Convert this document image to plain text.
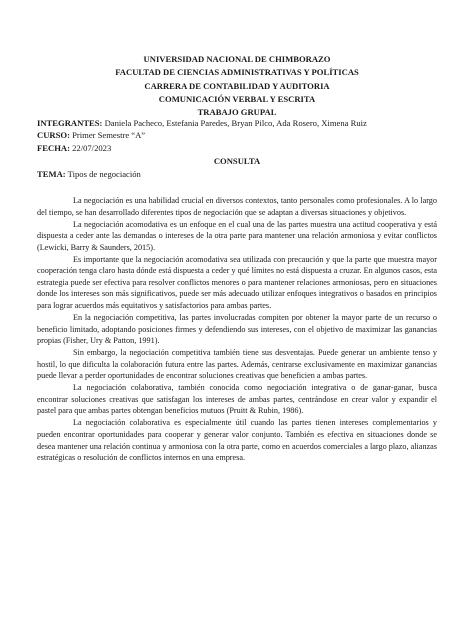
UNIVERSIDAD NACIONAL DE CHIMBORAZO
FACULTAD DE CIENCIAS ADMINISTRATIVAS Y POLÍTICAS
CARRERA DE CONTABILIDAD Y AUDITORIA
COMUNICACIÓN VERBAL Y ESCRITA
TRABAJO GRUPAL
INTEGRANTES: Daniela Pacheco, Estefania Paredes, Bryan Pilco, Ada Rosero, Ximena Ruiz
CURSO: Primer Semestre “A”
FECHA: 22/07/2023
CONSULTA
TEMA: Tipos de negociación

La negociación es una habilidad crucial en diversos contextos, tanto personales como profesionales. A lo largo del tiempo, se han desarrollado diferentes tipos de negociación que se adaptan a diversas situaciones y objetivos.

La negociación acomodativa es un enfoque en el cual una de las partes muestra una actitud cooperativa y está dispuesta a ceder ante las demandas o intereses de la otra parte para mantener una relación armoniosa y evitar conflictos (Lewicki, Barry & Saunders, 2015).

Es importante que la negociación acomodativa sea utilizada con precaución y que la parte que muestra mayor cooperación tenga claro hasta dónde está dispuesta a ceder y qué límites no está dispuesta a cruzar. En algunos casos, esta estrategia puede ser efectiva para resolver conflictos menores o para mantener relaciones armoniosas, pero en situaciones donde los intereses son más significativos, puede ser más adecuado utilizar enfoques integrativos o basados en principios para lograr acuerdos más equitativos y satisfactorios para ambas partes.

En la negociación competitiva, las partes involucradas compiten por obtener la mayor parte de un recurso o beneficio limitado, adoptando posiciones firmes y defendiendo sus intereses, con el objetivo de maximizar las ganancias propias (Fisher, Ury & Patton, 1991).

Sin embargo, la negociación competitiva también tiene sus desventajas. Puede generar un ambiente tenso y hostil, lo que dificulta la colaboración futura entre las partes. Además, centrarse exclusivamente en maximizar ganancias puede llevar a perder oportunidades de encontrar soluciones creativas que beneficien a ambas partes.

La negociación colaborativa, también conocida como negociación integrativa o de ganar-ganar, busca encontrar soluciones creativas que satisfagan los intereses de ambas partes, centrándose en crear valor y expandir el pastel para que ambas partes obtengan beneficios mutuos (Pruitt & Rubin, 1986).

La negociación colaborativa es especialmente útil cuando las partes tienen intereses complementarios y pueden encontrar oportunidades para cooperar y generar valor conjunto. También es efectiva en situaciones donde se desea mantener una relación continua y armoniosa con la otra parte, como en acuerdos comerciales a largo plazo, alianzas estratégicas o resolución de conflictos internos en una empresa.
